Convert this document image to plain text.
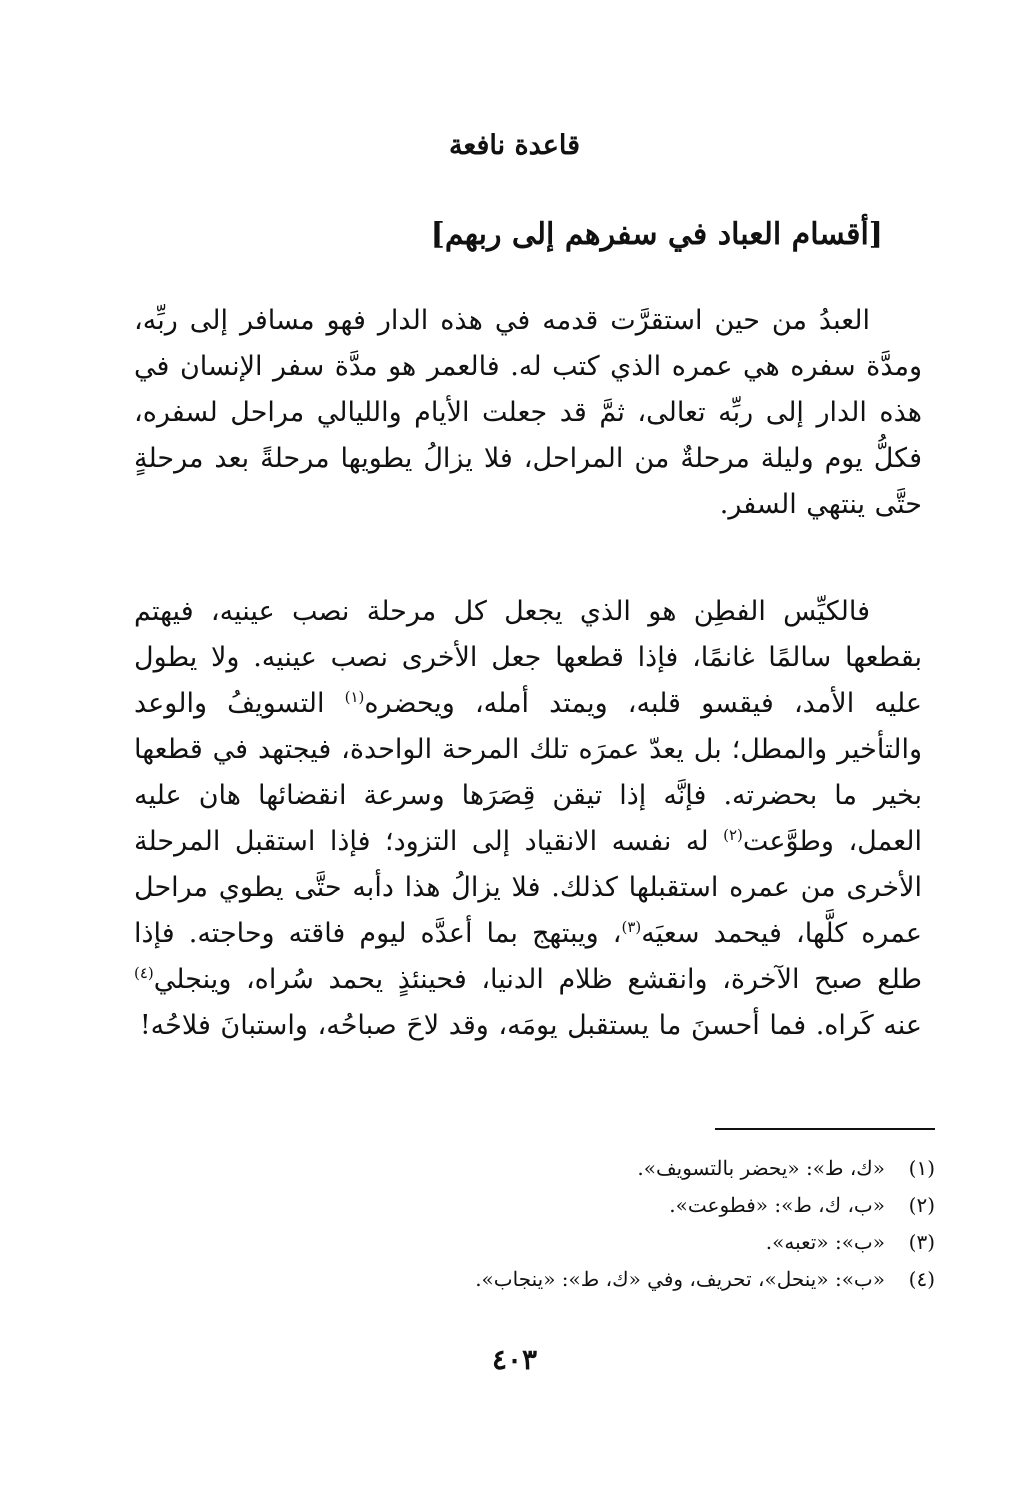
قاعدة نافعة
[أقسام العباد في سفرهم إلى ربهم]
العبدُ من حين استقرَّت قدمه في هذه الدار فهو مسافر إلى ربِّه، ومدَّة سفره هي عمره الذي كتب له. فالعمر هو مدَّة سفر الإنسان في هذه الدار إلى ربِّه تعالى، ثمَّ قد جعلت الأيام والليالي مراحل لسفره، فكلُّ يوم وليلة مرحلةٌ من المراحل، فلا يزالُ يطويها مرحلةً بعد مرحلةٍ حتَّى ينتهي السفر.
فالكيِّس الفطِن هو الذي يجعل كل مرحلة نصب عينيه، فيهتم بقطعها سالمًا غانمًا، فإذا قطعها جعل الأخرى نصب عينيه. ولا يطول عليه الأمد، فيقسو قلبه، ويمتد أمله، ويحضره$^{(١)}$ التسويفُ والوعد والتأخير والمطل؛ بل يعدّ عمرَه تلك المرحة الواحدة، فيجتهد في قطعها بخير ما بحضرته. فإنَّه إذا تيقن قِصَرَها وسرعة انقضائها هان عليه العمل، وطوَّعت$^{(٢)}$ له نفسه الانقياد إلى التزود؛ فإذا استقبل المرحلة الأخرى من عمره استقبلها كذلك. فلا يزالُ هذا دأبه حتَّى يطوي مراحل عمره كلَّها، فيحمد سعيَه$^{(٣)}$، ويبتهج بما أعدَّه ليوم فاقته وحاجته. فإذا طلع صبح الآخرة، وانقشع ظلام الدنيا، فحينئذٍ يحمد سُراه، وينجلي$^{(٤)}$ عنه كَراه. فما أحسنَ ما يستقبل يومَه، وقد لاحَ صباحُه، واستبانَ فلاحُه!
(١)
«ك، ط»: «يحضر بالتسويف».
(٢)
«ب، ك، ط»: «فطوعت».
(٣)
«ب»: «تعبه».
(٤)
«ب»: «ينحل»، تحريف، وفي «ك، ط»: «ينجاب».
٤٠٣
